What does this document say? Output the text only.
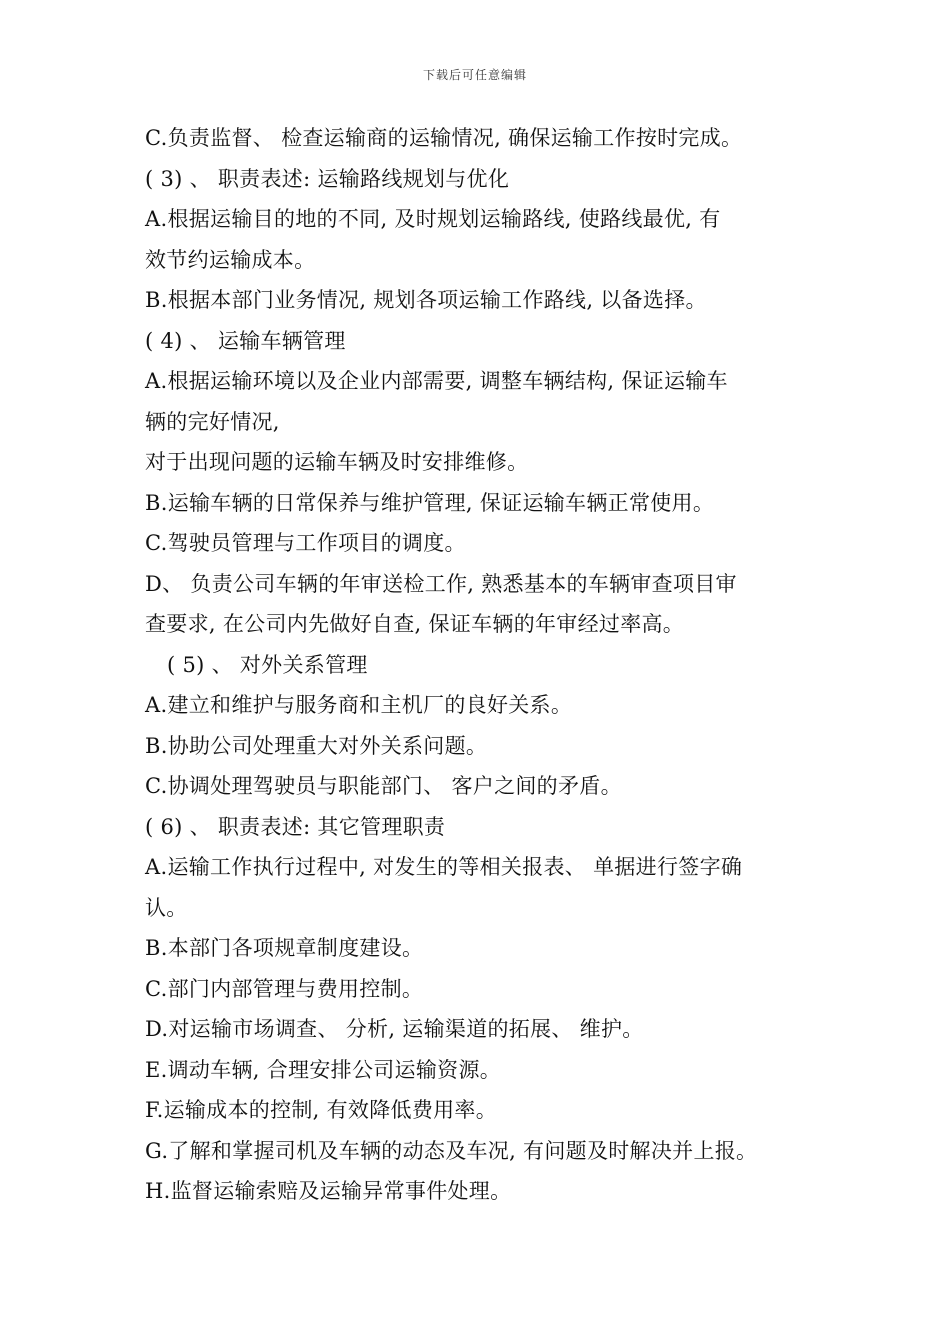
下载后可任意编辑
C.负责监督、 检查运输商的运输情况, 确保运输工作按时完成。
( 3) 、 职责表述: 运输路线规划与优化
A.根据运输目的地的不同, 及时规划运输路线, 使路线最优, 有
效节约运输成本。
B.根据本部门业务情况, 规划各项运输工作路线, 以备选择。
( 4) 、 运输车辆管理
A.根据运输环境以及企业内部需要, 调整车辆结构, 保证运输车
辆的完好情况,
对于出现问题的运输车辆及时安排维修。
B.运输车辆的日常保养与维护管理, 保证运输车辆正常使用。
C.驾驶员管理与工作项目的调度。
D、 负责公司车辆的年审送检工作, 熟悉基本的车辆审查项目审
查要求, 在公司内先做好自查, 保证车辆的年审经过率高。
( 5) 、 对外关系管理
A.建立和维护与服务商和主机厂的良好关系。
B.协助公司处理重大对外关系问题。
C.协调处理驾驶员与职能部门、 客户之间的矛盾。
( 6) 、 职责表述: 其它管理职责
A.运输工作执行过程中, 对发生的等相关报表、 单据进行签字确
认。
B.本部门各项规章制度建设。
C.部门内部管理与费用控制。
D.对运输市场调查、 分析, 运输渠道的拓展、 维护。
E.调动车辆, 合理安排公司运输资源。
F.运输成本的控制, 有效降低费用率。
G.了解和掌握司机及车辆的动态及车况, 有问题及时解决并上报。
H.监督运输索赔及运输异常事件处理。
